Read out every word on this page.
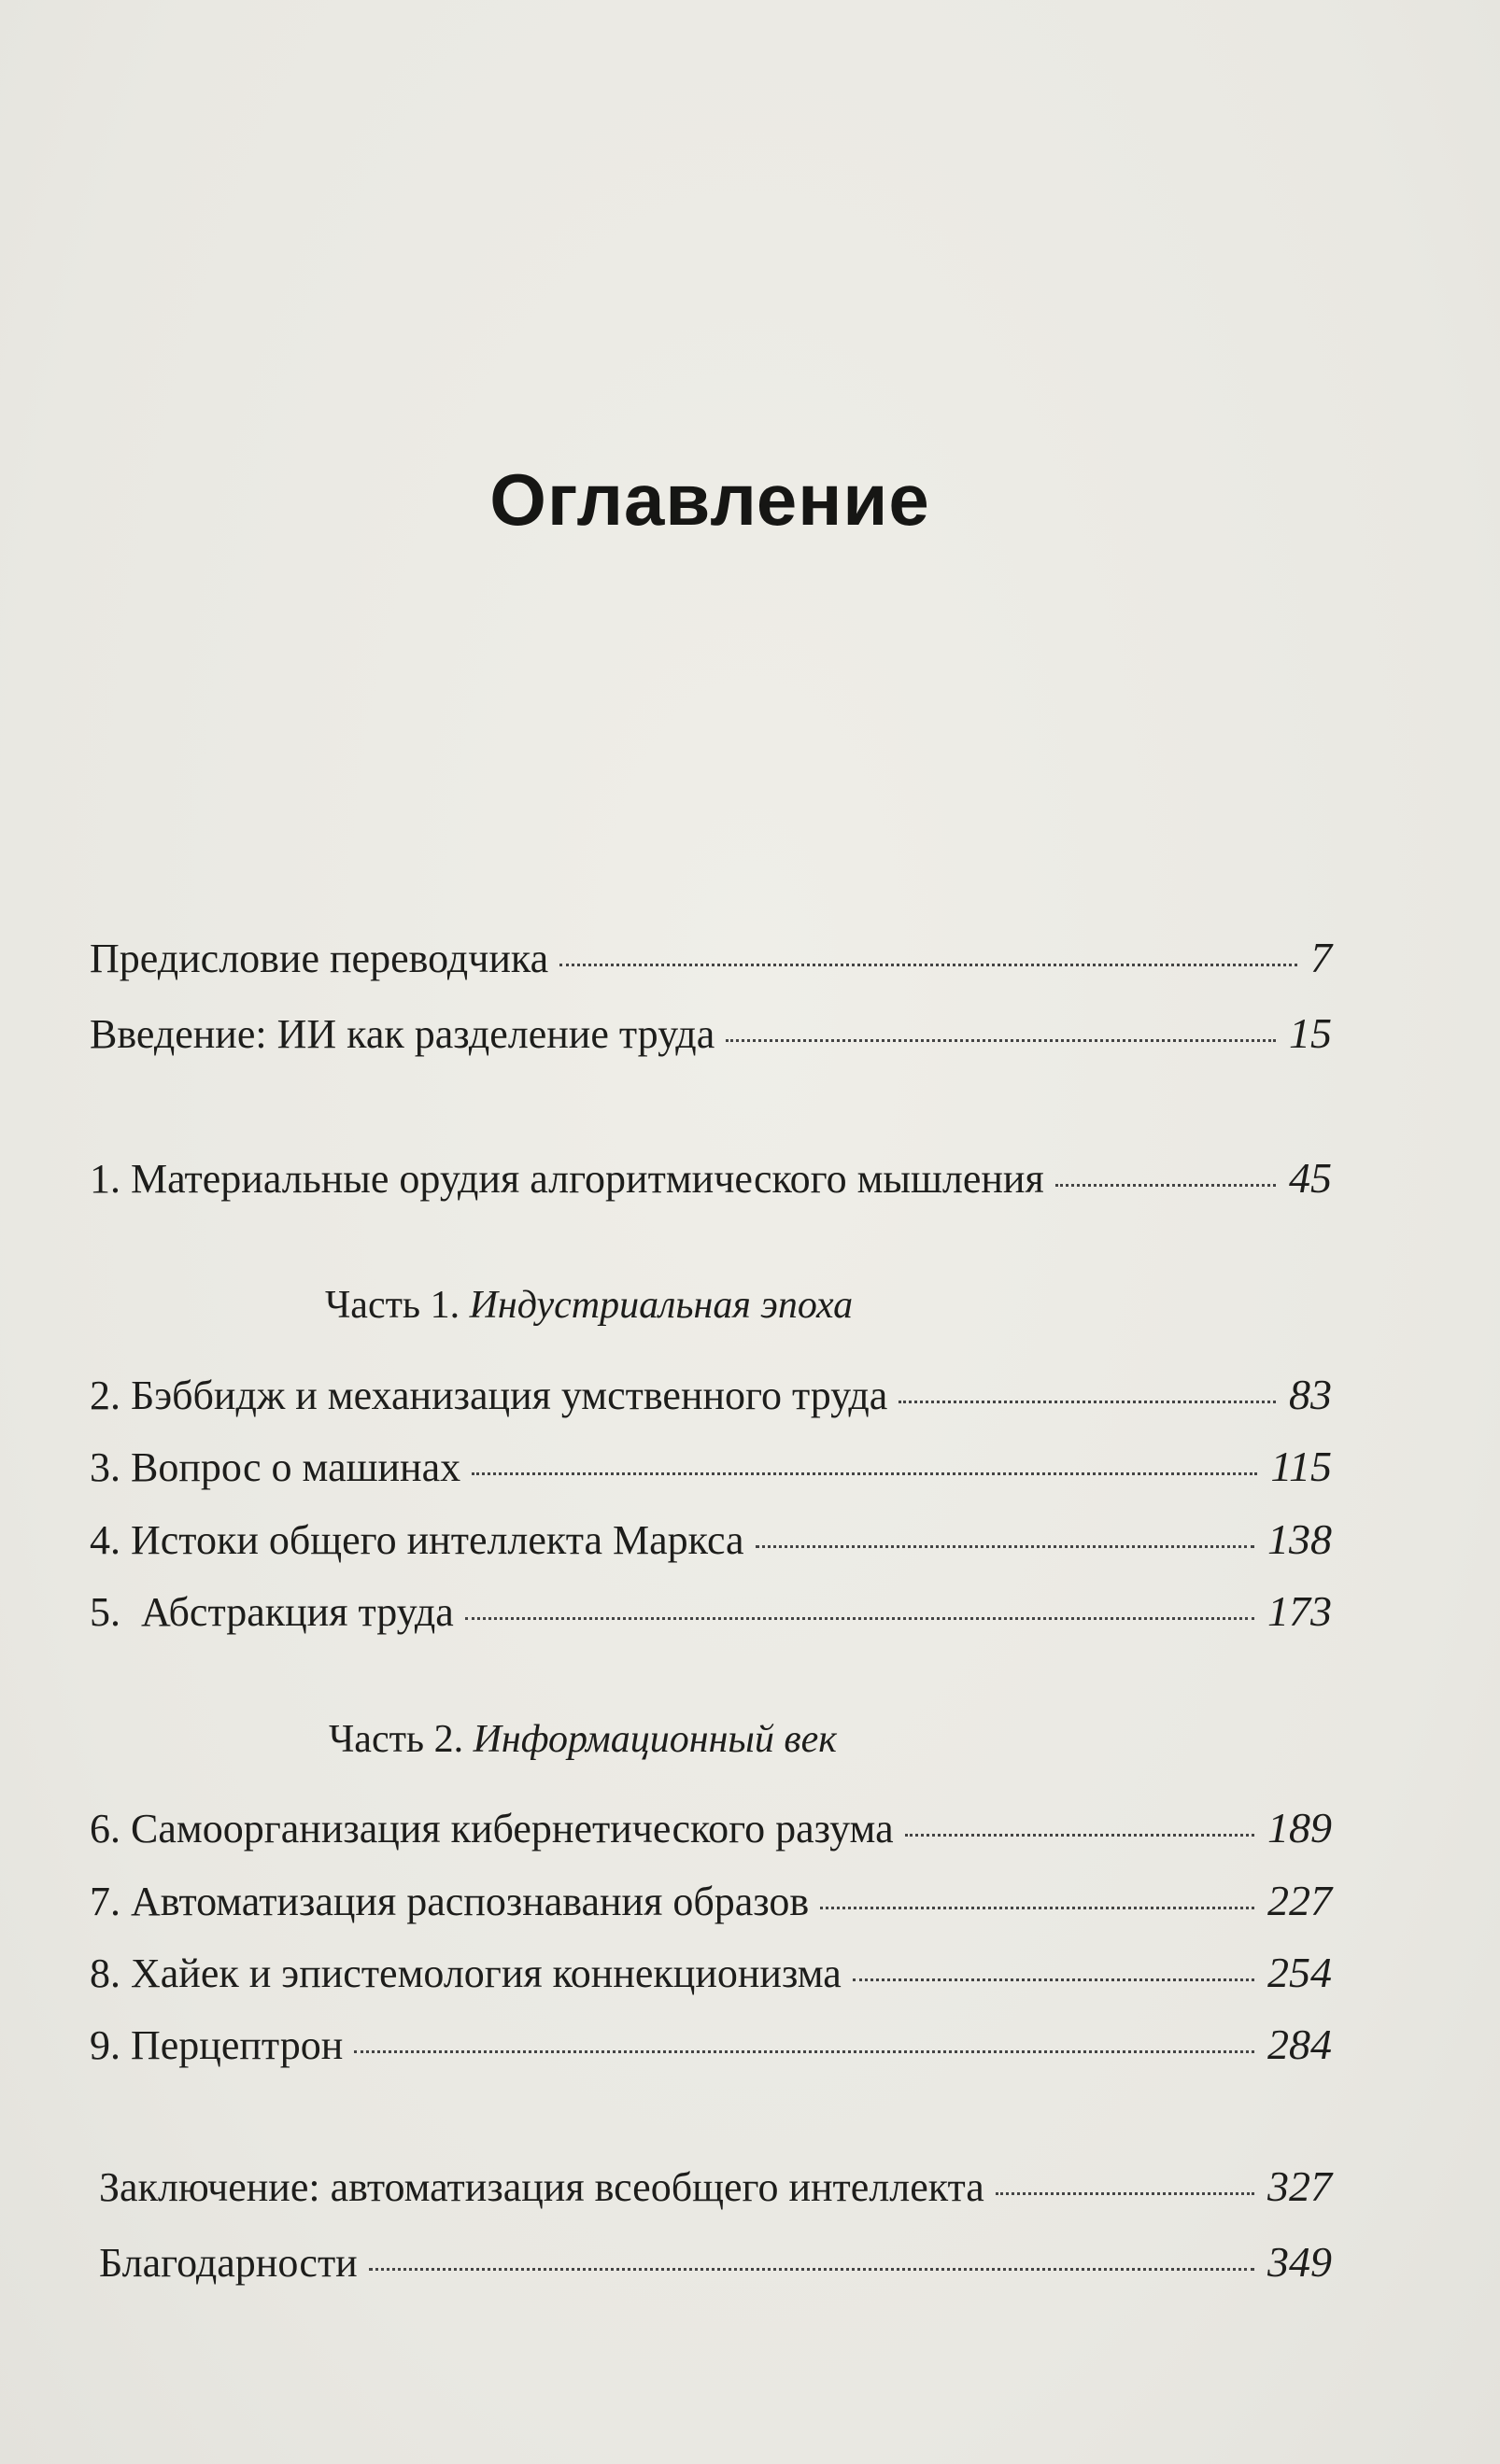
Оглавление
Предисловие переводчика	7
Введение: ИИ как разделение труда	15
1. Материальные орудия алгоритмического мышления	45
Часть 1. Индустриальная эпоха
2. Бэббидж и механизация умственного труда	83
3. Вопрос о машинах	115
4. Истоки общего интеллекта Маркса	138
5.  Абстракция труда	173
Часть 2. Информационный век
6. Самоорганизация кибернетического разума	189
7. Автоматизация распознавания образов	227
8. Хайек и эпистемология коннекционизма	254
9. Перцептрон	284
Заключение: автоматизация всеобщего интеллекта	327
Благодарности	349
